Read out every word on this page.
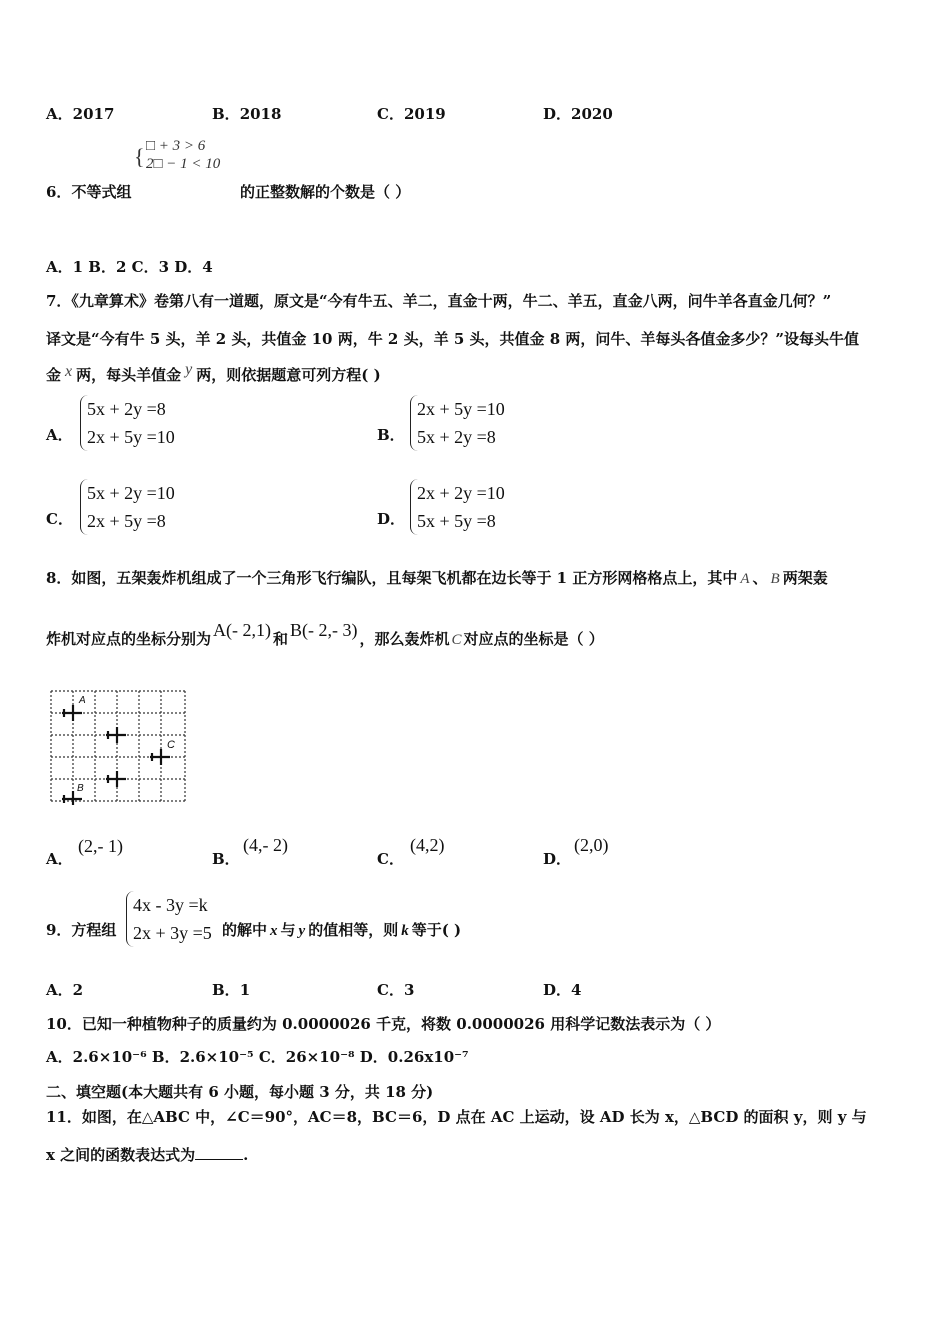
A．2017	B．2018	C．2019	D．2020
{ □ + 3 > 6
2□ − 1 < 10
6．不等式组	的正整数解的个数是（ ）
A．1 B．2 C．3 D．4
7．《九章算术》卷第八有一道题，原文是“今有牛五、羊二，直金十两，牛二、羊五，直金八两，问牛羊各直金几何？”
译文是“今有牛 5 头，羊 2 头，共值金 10 两，牛 2 头，羊 5 头，共值金 8 两，问牛、羊每头各值金多少？”设每头牛值
金 x 两，每头羊值金 y 两，则依据题意可列方程( )
A．
5x + 2y =8
2x + 5y =10	B．
2x + 5y =10
5x + 2y =8
C．
5x + 2y =10
2x + 5y =8	D．
2x + 2y =10
5x + 5y =8
8．如图，五架轰炸机组成了一个三角形飞行编队，且每架飞机都在边长等于 1 正方形网格格点上，其中 A 、 B 两架轰
炸机对应点的坐标分别为 A(- 2,1) 和 B(- 2,- 3) ，那么轰炸机 C 对应点的坐标是（ ）
A
C
B
A．
(2,- 1)
B．
(4,- 2)
C．
(4,2)
D．
(2,0)
9．方程组
4x - 3y =k
2x + 3y =5 的解中 x 与 y 的值相等，则 k 等于( )
A．2	B．1	C．3	D．4
10．已知一种植物种子的质量约为 0.0000026 千克，将数 0.0000026 用科学记数法表示为（ ）
A．2.6×10⁻⁶ B．2.6×10⁻⁵ C．26×10⁻⁸ D．0.26x10⁻⁷
二、填空题(本大题共有 6 小题，每小题 3 分，共 18 分)
11．如图，在△ABC 中，∠C＝90°，AC＝8，BC＝6，D 点在 AC 上运动，设 AD 长为 x，△BCD 的面积 y，则 y 与
x 之间的函数表达式为	.
